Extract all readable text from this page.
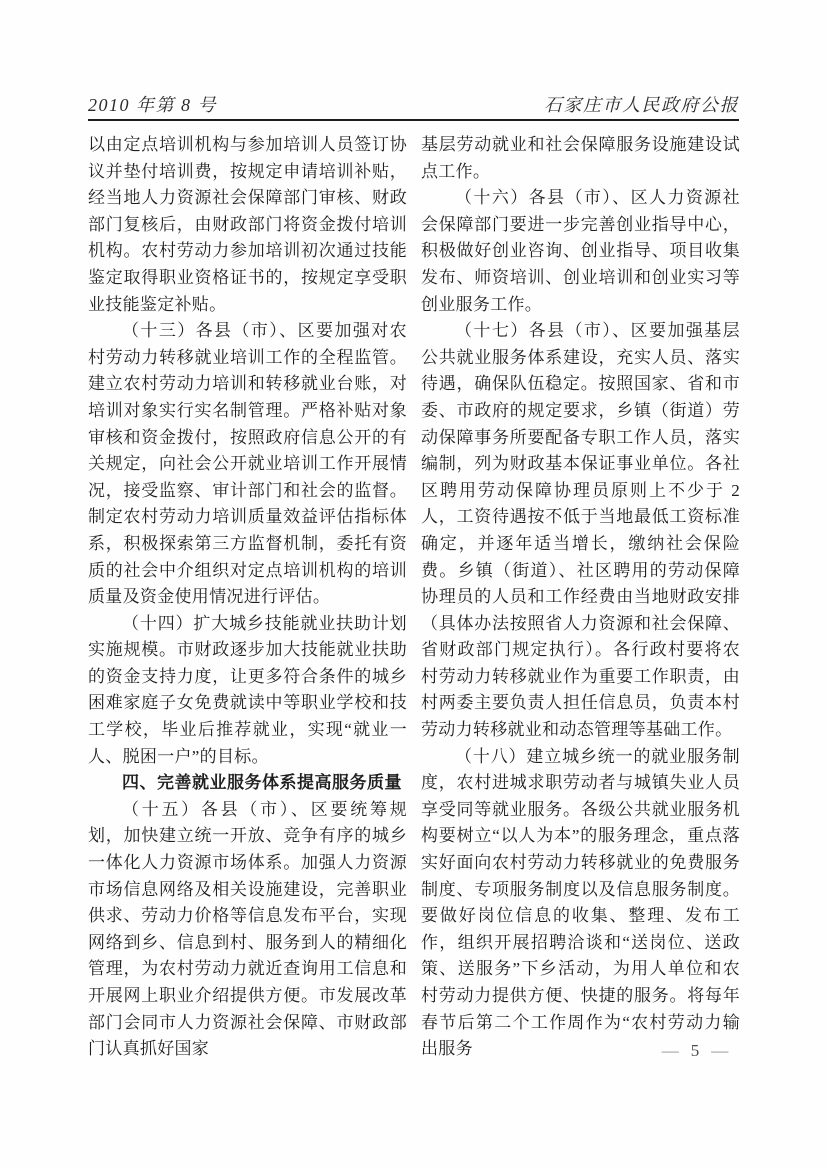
2010 年第 8 号	石家庄市人民政府公报

以由定点培训机构与参加培训人员签订协议并垫付培训费，按规定申请培训补贴，经当地人力资源社会保障部门审核、财政部门复核后，由财政部门将资金拨付培训机构。农村劳动力参加培训初次通过技能鉴定取得职业资格证书的，按规定享受职业技能鉴定补贴。

（十三）各县（市）、区要加强对农村劳动力转移就业培训工作的全程监管。建立农村劳动力培训和转移就业台账，对培训对象实行实名制管理。严格补贴对象审核和资金拨付，按照政府信息公开的有关规定，向社会公开就业培训工作开展情况，接受监察、审计部门和社会的监督。制定农村劳动力培训质量效益评估指标体系，积极探索第三方监督机制，委托有资质的社会中介组织对定点培训机构的培训质量及资金使用情况进行评估。

（十四）扩大城乡技能就业扶助计划实施规模。市财政逐步加大技能就业扶助的资金支持力度，让更多符合条件的城乡困难家庭子女免费就读中等职业学校和技工学校，毕业后推荐就业，实现“就业一人、脱困一户”的目标。

四、完善就业服务体系提高服务质量

（十五）各县（市）、区要统筹规划，加快建立统一开放、竞争有序的城乡一体化人力资源市场体系。加强人力资源市场信息网络及相关设施建设，完善职业供求、劳动力价格等信息发布平台，实现网络到乡、信息到村、服务到人的精细化管理，为农村劳动力就近查询用工信息和开展网上职业介绍提供方便。市发展改革部门会同市人力资源社会保障、市财政部门认真抓好国家

基层劳动就业和社会保障服务设施建设试点工作。

（十六）各县（市）、区人力资源社会保障部门要进一步完善创业指导中心，积极做好创业咨询、创业指导、项目收集发布、师资培训、创业培训和创业实习等创业服务工作。

（十七）各县（市）、区要加强基层公共就业服务体系建设，充实人员、落实待遇，确保队伍稳定。按照国家、省和市委、市政府的规定要求，乡镇（街道）劳动保障事务所要配备专职工作人员，落实编制，列为财政基本保证事业单位。各社区聘用劳动保障协理员原则上不少于 2 人，工资待遇按不低于当地最低工资标准确定，并逐年适当增长，缴纳社会保险费。乡镇（街道）、社区聘用的劳动保障协理员的人员和工作经费由当地财政安排（具体办法按照省人力资源和社会保障、省财政部门规定执行）。各行政村要将农村劳动力转移就业作为重要工作职责，由村两委主要负责人担任信息员，负责本村劳动力转移就业和动态管理等基础工作。

（十八）建立城乡统一的就业服务制度，农村进城求职劳动者与城镇失业人员享受同等就业服务。各级公共就业服务机构要树立“以人为本”的服务理念，重点落实好面向农村劳动力转移就业的免费服务制度、专项服务制度以及信息服务制度。要做好岗位信息的收集、整理、发布工作，组织开展招聘洽谈和“送岗位、送政策、送服务”下乡活动，为用人单位和农村劳动力提供方便、快捷的服务。将每年春节后第二个工作周作为“农村劳动力输出服务	— 5 —
